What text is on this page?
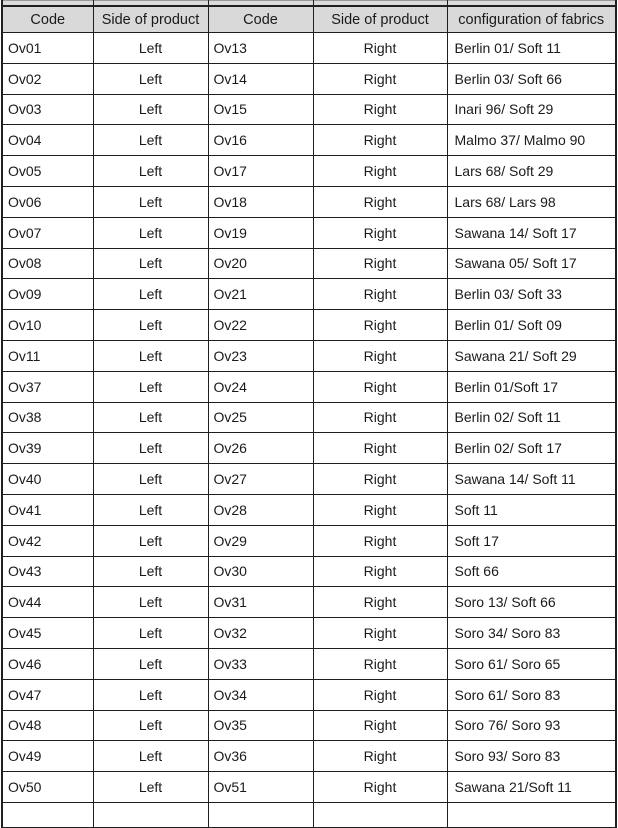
Code	Side of product	Code	Side of product	configuration of fabrics
Ov01	Left	Ov13	Right	Berlin 01/ Soft 11
Ov02	Left	Ov14	Right	Berlin 03/ Soft 66
Ov03	Left	Ov15	Right	Inari 96/ Soft 29
Ov04	Left	Ov16	Right	Malmo 37/ Malmo 90
Ov05	Left	Ov17	Right	Lars 68/ Soft 29
Ov06	Left	Ov18	Right	Lars 68/ Lars 98
Ov07	Left	Ov19	Right	Sawana 14/ Soft 17
Ov08	Left	Ov20	Right	Sawana 05/ Soft 17
Ov09	Left	Ov21	Right	Berlin 03/ Soft 33
Ov10	Left	Ov22	Right	Berlin 01/ Soft 09
Ov11	Left	Ov23	Right	Sawana 21/ Soft 29
Ov37	Left	Ov24	Right	Berlin 01/Soft 17
Ov38	Left	Ov25	Right	Berlin 02/ Soft 11
Ov39	Left	Ov26	Right	Berlin 02/ Soft 17
Ov40	Left	Ov27	Right	Sawana 14/ Soft 11
Ov41	Left	Ov28	Right	Soft 11
Ov42	Left	Ov29	Right	Soft 17
Ov43	Left	Ov30	Right	Soft 66
Ov44	Left	Ov31	Right	Soro 13/ Soft 66
Ov45	Left	Ov32	Right	Soro 34/ Soro 83
Ov46	Left	Ov33	Right	Soro 61/ Soro 65
Ov47	Left	Ov34	Right	Soro 61/ Soro 83
Ov48	Left	Ov35	Right	Soro 76/ Soro 93
Ov49	Left	Ov36	Right	Soro 93/ Soro 83
Ov50	Left	Ov51	Right	Sawana 21/Soft 11
